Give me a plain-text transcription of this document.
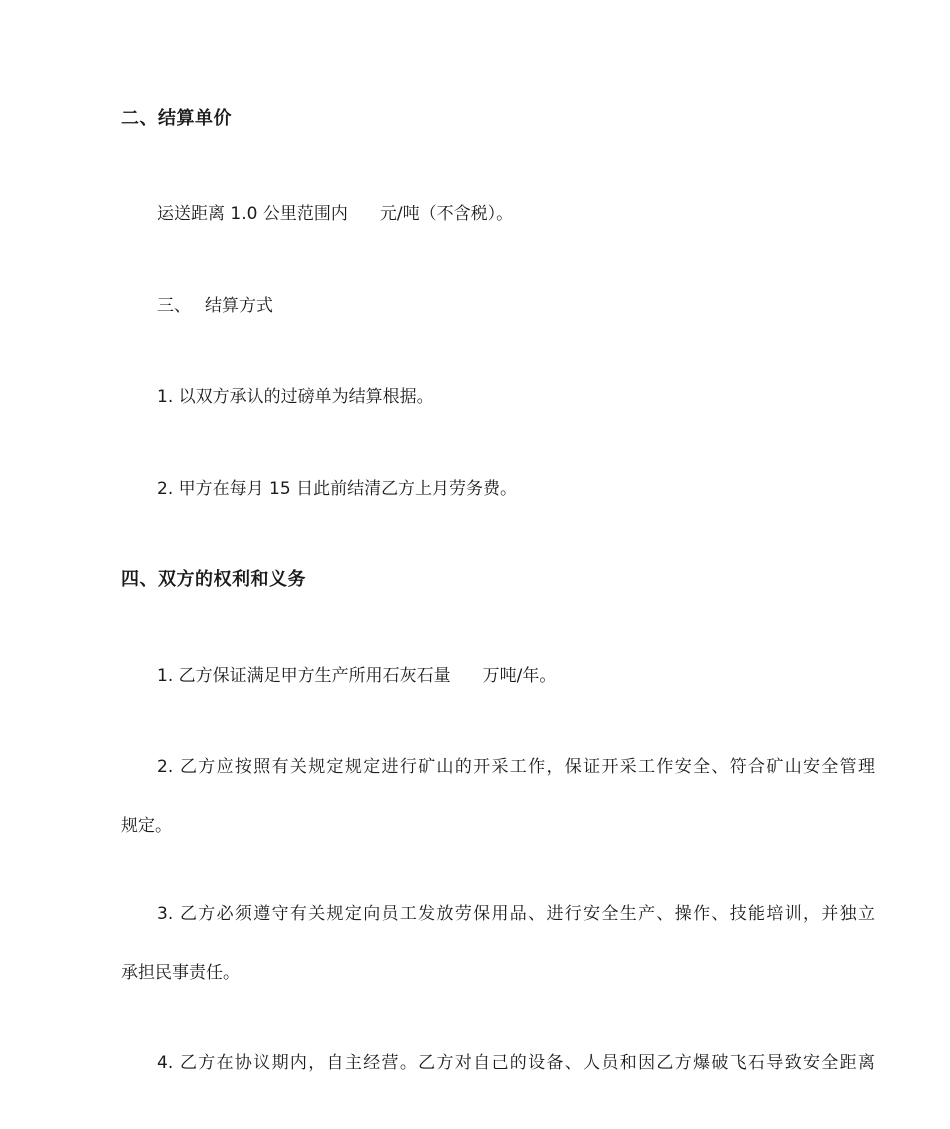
二、结算单价
运送距离 1.0 公里范围内 元/吨（不含税）。
三、 结算方式
1. 以双方承认的过磅单为结算根据。
2. 甲方在每月 15 日此前结清乙方上月劳务费。
四、双方的权利和义务
1. 乙方保证满足甲方生产所用石灰石量 万吨/年。
2. 乙方应按照有关规定规定进行矿山的开采工作，保证开采工作安全、符合矿山安全管理
规定。
3. 乙方必须遵守有关规定向员工发放劳保用品、进行安全生产、操作、技能培训，并独立
承担民事责任。
4. 乙方在协议期内，自主经营。乙方对自己的设备、人员和因乙方爆破飞石导致安全距离
